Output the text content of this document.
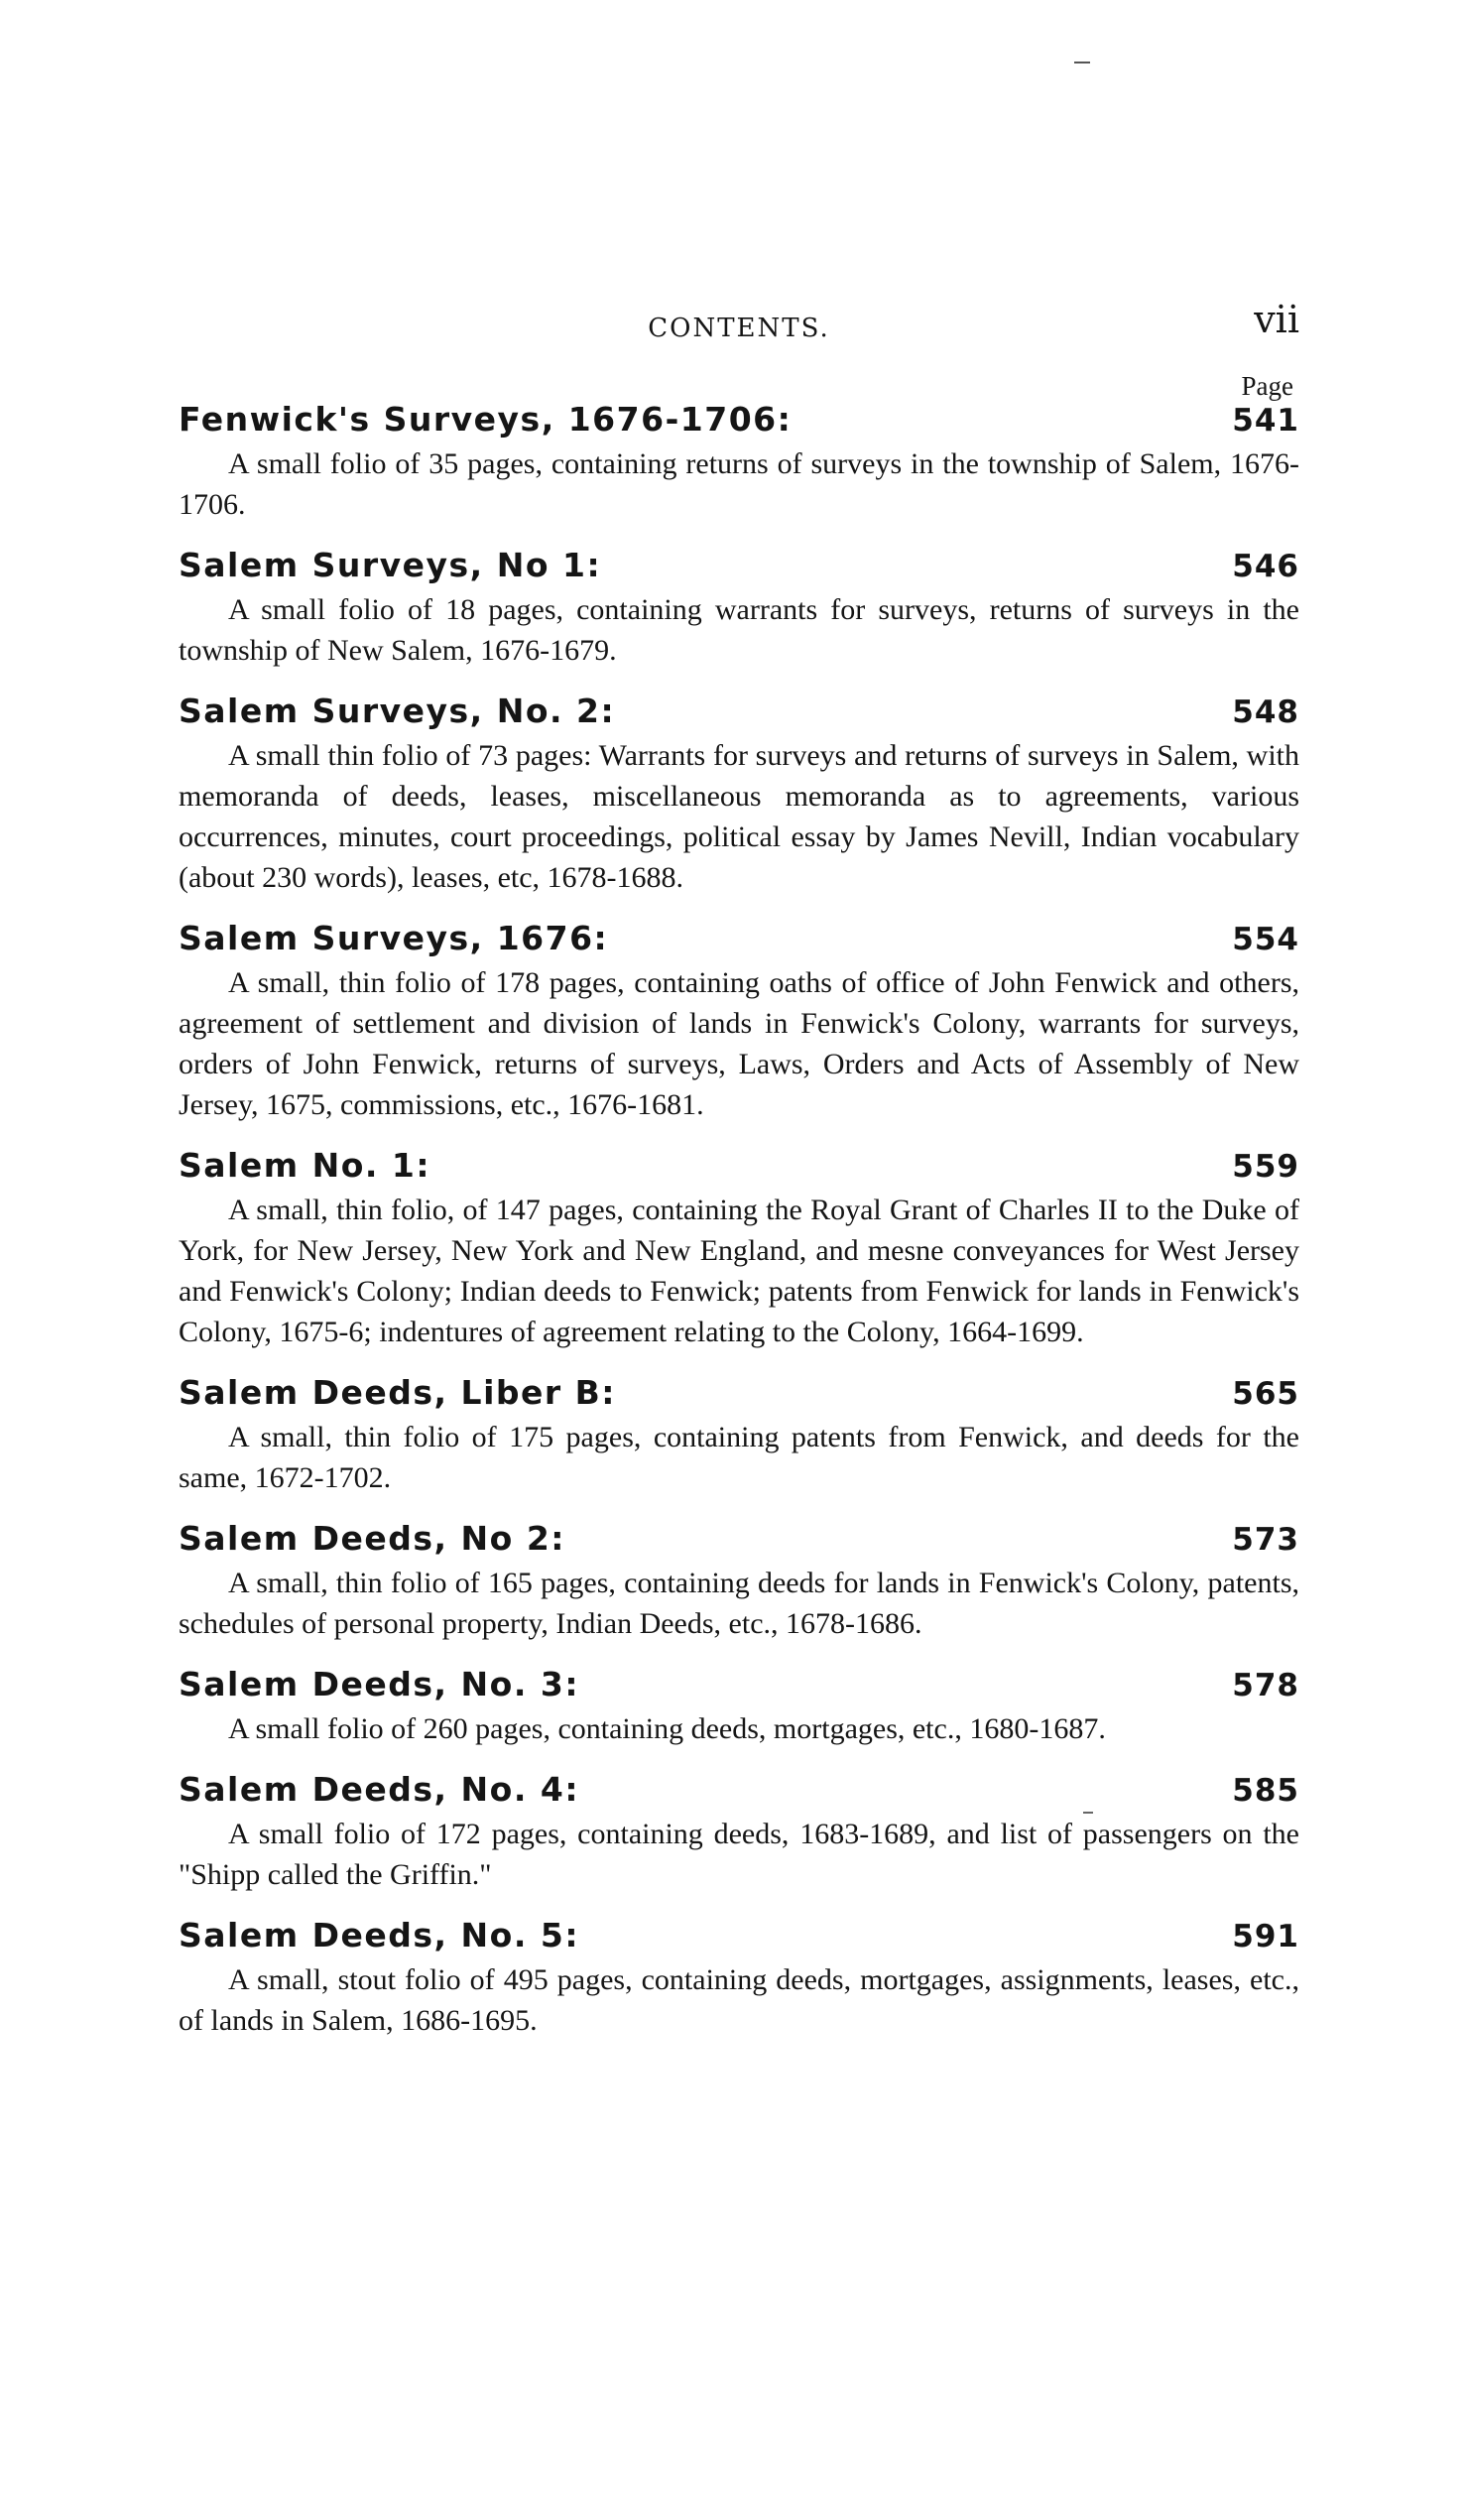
CONTENTS.	vii
Page
Fenwick's Surveys, 1676-1706:	541

A small folio of 35 pages, containing returns of surveys in the township of Salem, 1676-1706.

Salem Surveys, No 1:	546

A small folio of 18 pages, containing warrants for surveys, returns of surveys in the township of New Salem, 1676-1679.

Salem Surveys, No. 2:	548

A small thin folio of 73 pages: Warrants for surveys and returns of surveys in Salem, with memoranda of deeds, leases, miscellaneous memoranda as to agreements, various occurrences, minutes, court proceedings, political essay by James Nevill, Indian vocabulary (about 230 words), leases, etc, 1678-1688.

Salem Surveys, 1676:	554

A small, thin folio of 178 pages, containing oaths of office of John Fenwick and others, agreement of settlement and division of lands in Fenwick's Colony, warrants for surveys, orders of John Fenwick, returns of surveys, Laws, Orders and Acts of Assembly of New Jersey, 1675, commissions, etc., 1676-1681.

Salem No. 1:	559

A small, thin folio, of 147 pages, containing the Royal Grant of Charles II to the Duke of York, for New Jersey, New York and New England, and mesne conveyances for West Jersey and Fenwick's Colony; Indian deeds to Fenwick; patents from Fenwick for lands in Fenwick's Colony, 1675-6; indentures of agreement relating to the Colony, 1664-1699.

Salem Deeds, Liber B:	565

A small, thin folio of 175 pages, containing patents from Fenwick, and deeds for the same, 1672-1702.

Salem Deeds, No 2:	573

A small, thin folio of 165 pages, containing deeds for lands in Fenwick's Colony, patents, schedules of personal property, Indian Deeds, etc., 1678-1686.

Salem Deeds, No. 3:	578

A small folio of 260 pages, containing deeds, mortgages, etc., 1680-1687.

Salem Deeds, No. 4:	585

A small folio of 172 pages, containing deeds, 1683-1689, and list of passengers on the "Shipp called the Griffin."

Salem Deeds, No. 5:	591

A small, stout folio of 495 pages, containing deeds, mortgages, assignments, leases, etc., of lands in Salem, 1686-1695.
